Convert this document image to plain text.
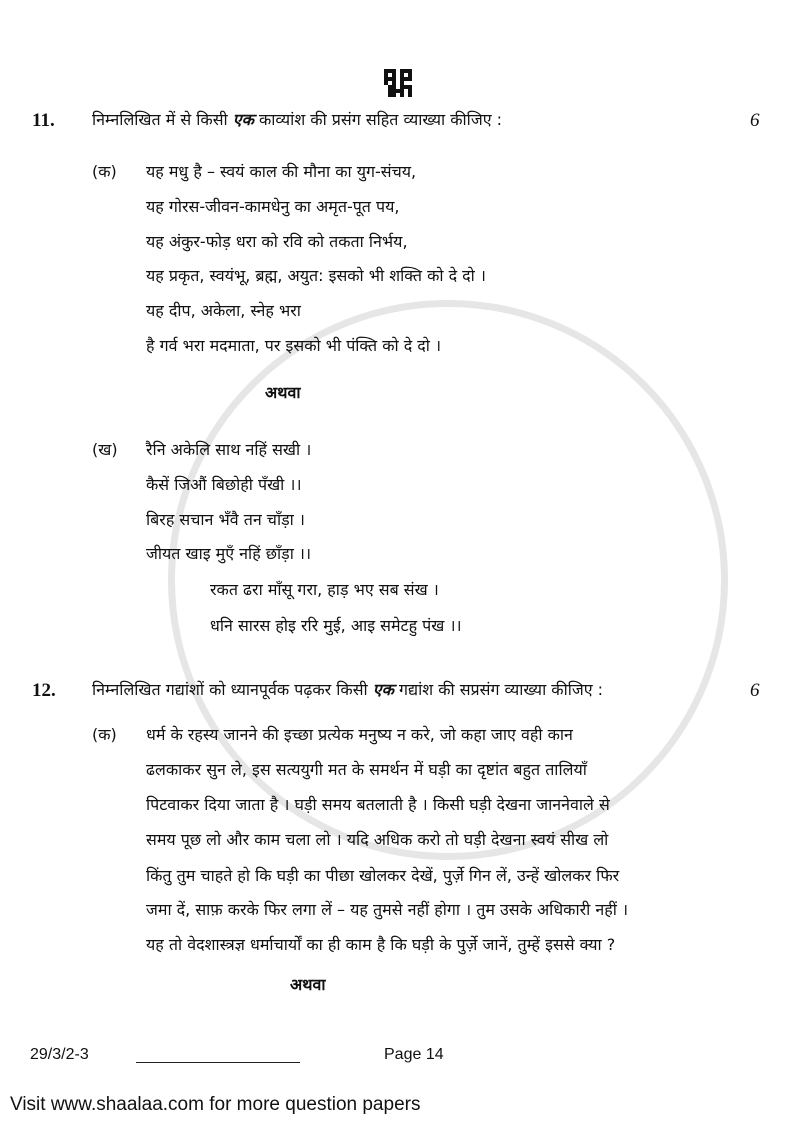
11. निम्नलिखित में से किसी एक काव्यांश की प्रसंग सहित व्याख्या कीजिए :	6
(क) यह मधु है – स्वयं काल की मौना का युग-संचय,
यह गोरस-जीवन-कामधेनु का अमृत-पूत पय,
यह अंकुर-फोड़ धरा को रवि को तकता निर्भय,
यह प्रकृत, स्वयंभू, ब्रह्म, अयुत: इसको भी शक्ति को दे दो ।
यह दीप, अकेला, स्नेह भरा
है गर्व भरा मदमाता, पर इसको भी पंक्ति को दे दो ।
अथवा
(ख) रैनि अकेलि साथ नहिं सखी ।
कैसें जिऔं बिछोही पँखी ।।
बिरह सचान भँवै तन चाँड़ा ।
जीयत खाइ मुएँ नहिं छाँड़ा ।।
रकत ढरा माँसू गरा, हाड़ भए सब संख ।
धनि सारस होइ ररि मुई, आइ समेटहु पंख ।।
12. निम्नलिखित गद्यांशों को ध्यानपूर्वक पढ़कर किसी एक गद्यांश की सप्रसंग व्याख्या कीजिए :	6
(क) धर्म के रहस्य जानने की इच्छा प्रत्येक मनुष्य न करे, जो कहा जाए वही कान
ढलकाकर सुन ले, इस सत्ययुगी मत के समर्थन में घड़ी का दृष्टांत बहुत तालियाँ
पिटवाकर दिया जाता है । घड़ी समय बतलाती है । किसी घड़ी देखना जाननेवाले से
समय पूछ लो और काम चला लो । यदि अधिक करो तो घड़ी देखना स्वयं सीख लो
किंतु तुम चाहते हो कि घड़ी का पीछा खोलकर देखें, पुर्ज़े गिन लें, उन्हें खोलकर फिर
जमा दें, साफ़ करके फिर लगा लें – यह तुमसे नहीं होगा । तुम उसके अधिकारी नहीं ।
यह तो वेदशास्त्रज्ञ धर्माचार्यों का ही काम है कि घड़ी के पुर्ज़े जानें, तुम्हें इससे क्या ?
अथवा
29/3/2-3	Page 14
Visit www.shaalaa.com for more question papers
